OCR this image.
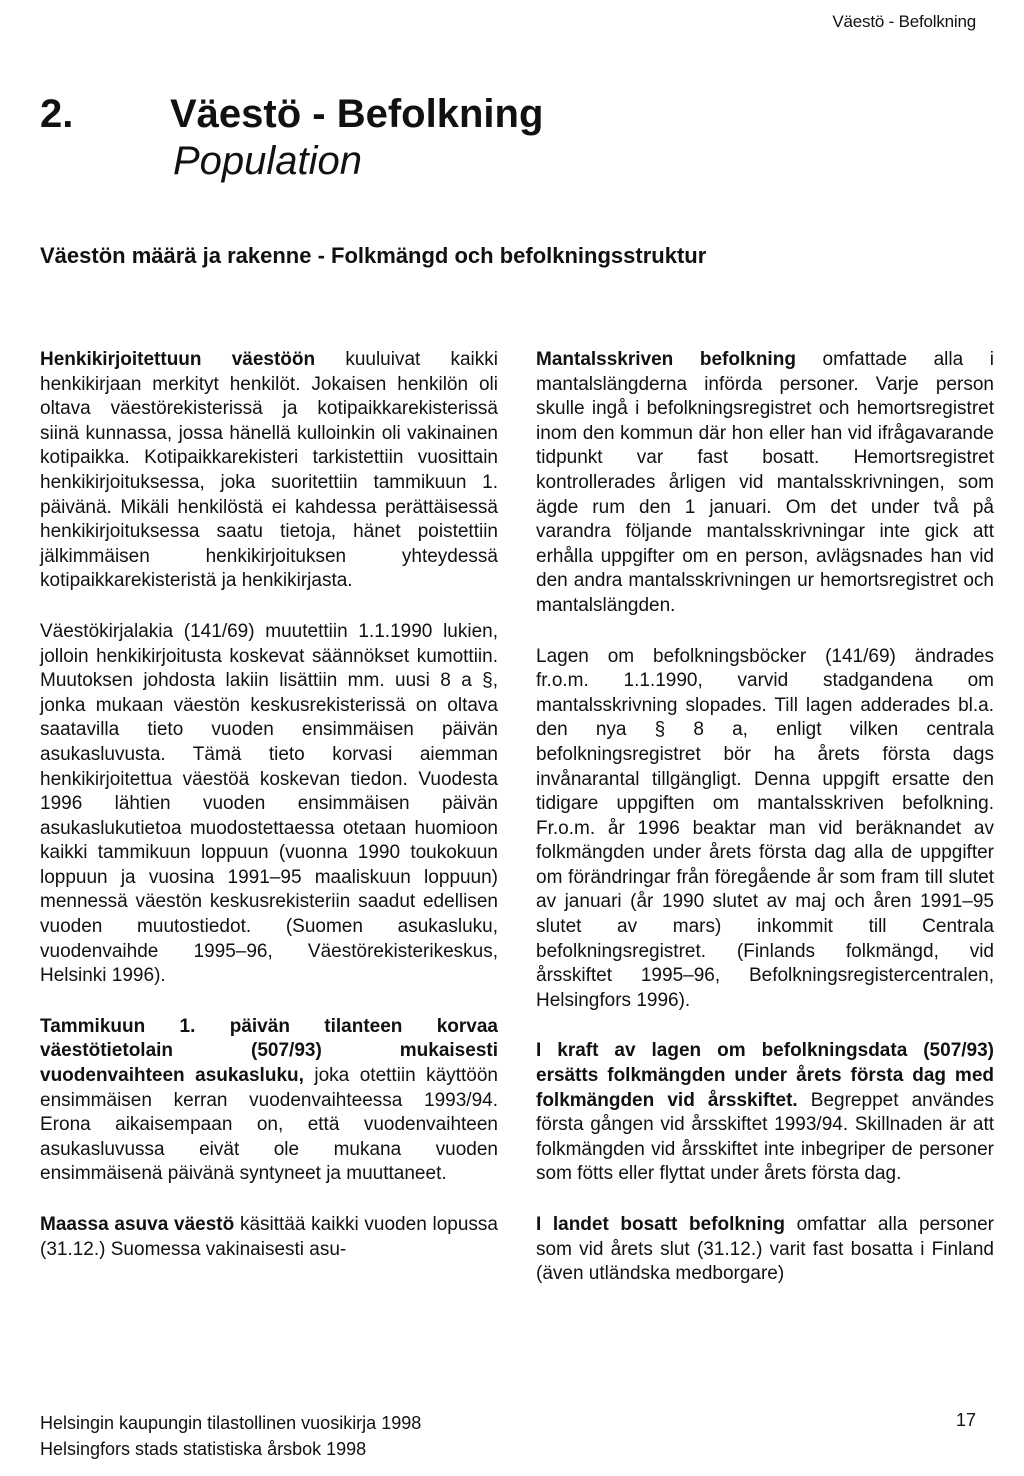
Väestö - Befolkning
2. Väestö - Befolkning
Population
Väestön määrä ja rakenne - Folkmängd och befolkningsstruktur

Henkikirjoitettuun väestöön kuuluivat kaikki henkikirjaan merkityt henkilöt. Jokaisen henkilön oli oltava väestörekisterissä ja kotipaikkarekisterissä siinä kunnassa, jossa hänellä kulloinkin oli vakinainen kotipaikka. Kotipaikkarekisteri tarkistettiin vuosittain henkikirjoituksessa, joka suoritettiin tammikuun 1. päivänä. Mikäli henkilöstä ei kahdessa perättäisessä henkikirjoituksessa saatu tietoja, hänet poistettiin jälkimmäisen henkikirjoituksen yhteydessä kotipaikkarekisteristä ja henkikirjasta.

Väestökirjalakia (141/69) muutettiin 1.1.1990 lukien, jolloin henkikirjoitusta koskevat säännökset kumottiin. Muutoksen johdosta lakiin lisättiin mm. uusi 8 a §, jonka mukaan väestön keskusrekisterissä on oltava saatavilla tieto vuoden ensimmäisen päivän asukasluvusta. Tämä tieto korvasi aiemman henkikirjoitettua väestöä koskevan tiedon. Vuodesta 1996 lähtien vuoden ensimmäisen päivän asukaslukutietoa muodostettaessa otetaan huomioon kaikki tammikuun loppuun (vuonna 1990 toukokuun loppuun ja vuosina 1991–95 maaliskuun loppuun) mennessä väestön keskusrekisteriin saadut edellisen vuoden muutostiedot. (Suomen asukasluku, vuodenvaihde 1995–96, Väestörekisterikeskus, Helsinki 1996).

Tammikuun 1. päivän tilanteen korvaa väestötietolain (507/93) mukaisesti vuodenvaihteen asukasluku, joka otettiin käyttöön ensimmäisen kerran vuodenvaihteessa 1993/94. Erona aikaisempaan on, että vuodenvaihteen asukasluvussa eivät ole mukana vuoden ensimmäisenä päivänä syntyneet ja muuttaneet.

Maassa asuva väestö käsittää kaikki vuoden lopussa (31.12.) Suomessa vakinaisesti asu-

Mantalsskriven befolkning omfattade alla i mantalslängderna införda personer. Varje person skulle ingå i befolkningsregistret och hemortsregistret inom den kommun där hon eller han vid ifrågavarande tidpunkt var fast bosatt. Hemortsregistret kontrollerades årligen vid mantalsskrivningen, som ägde rum den 1 januari. Om det under två på varandra följande mantalsskrivningar inte gick att erhålla uppgifter om en person, avlägsnades han vid den andra mantalsskrivningen ur hemortsregistret och mantalslängden.

Lagen om befolkningsböcker (141/69) ändrades fr.o.m. 1.1.1990, varvid stadgandena om mantalsskrivning slopades. Till lagen adderades bl.a. den nya § 8 a, enligt vilken centrala befolkningsregistret bör ha årets första dags invånarantal tillgängligt. Denna uppgift ersatte den tidigare uppgiften om mantalsskriven befolkning. Fr.o.m. år 1996 beaktar man vid beräknandet av folkmängden under årets första dag alla de uppgifter om förändringar från föregående år som fram till slutet av januari (år 1990 slutet av maj och åren 1991–95 slutet av mars) inkommit till Centrala befolkningsregistret. (Finlands folkmängd, vid årsskiftet 1995–96, Befolkningsregistercentralen, Helsingfors 1996).

I kraft av lagen om befolkningsdata (507/93) ersätts folkmängden under årets första dag med folkmängden vid årsskiftet. Begreppet användes första gången vid årsskiftet 1993/94. Skillnaden är att folkmängden vid årsskiftet inte inbegriper de personer som fötts eller flyttat under årets första dag.

I landet bosatt befolkning omfattar alla personer som vid årets slut (31.12.) varit fast bosatta i Finland (även utländska medborgare)

Helsingin kaupungin tilastollinen vuosikirja 1998
Helsingfors stads statistiska årsbok 1998
17
